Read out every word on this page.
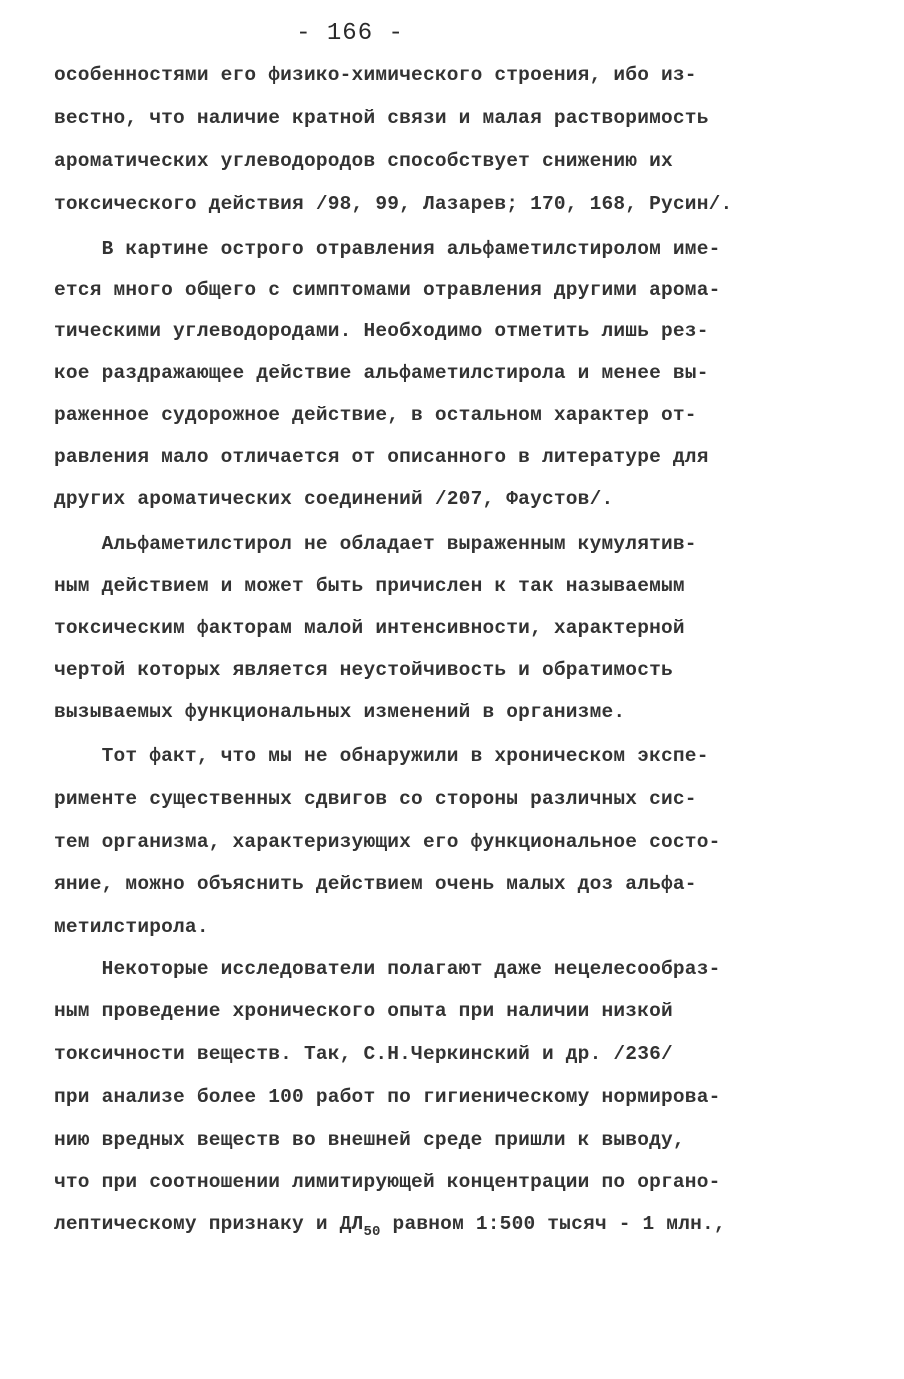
- 166 -
особенностями его физико-химического строения, ибо из-
вестно, что наличие кратной связи и малая растворимость
ароматических углеводородов способствует снижению их
токсического действия /98, 99, Лазарев; 170, 168, Русин/.
В картине острого отравления альфаметилстиролом име-
ется много общего с симптомами отравления другими арома-
тическими углеводородами. Необходимо отметить лишь рез-
кое раздражающее действие альфаметилстирола и менее вы-
раженное судорожное действие, в остальном характер от-
равления мало отличается от описанного в литературе для
других ароматических соединений /207, Фаустов/.
Альфаметилстирол не обладает выраженным кумулятив-
ным действием и может быть причислен к так называемым
токсическим факторам малой интенсивности, характерной
чертой которых является неустойчивость и обратимость
вызываемых функциональных изменений в организме.
Тот факт, что мы не обнаружили в хроническом экспе-
рименте существенных сдвигов со стороны различных сис-
тем организма, характеризующих его функциональное состо-
яние, можно объяснить действием очень малых доз альфа-
метилстирола.
Некоторые исследователи полагают даже нецелесообраз-
ным проведение хронического опыта при наличии низкой
токсичности веществ. Так, С.Н.Черкинский и др. /236/
при анализе более 100 работ по гигиеническому нормирова-
нию вредных веществ во внешней среде пришли к выводу,
что при соотношении лимитирующей концентрации по органо-
лептическому признаку и $ДЛ_{50}$ равном 1:500 тысяч - 1 млн.,
